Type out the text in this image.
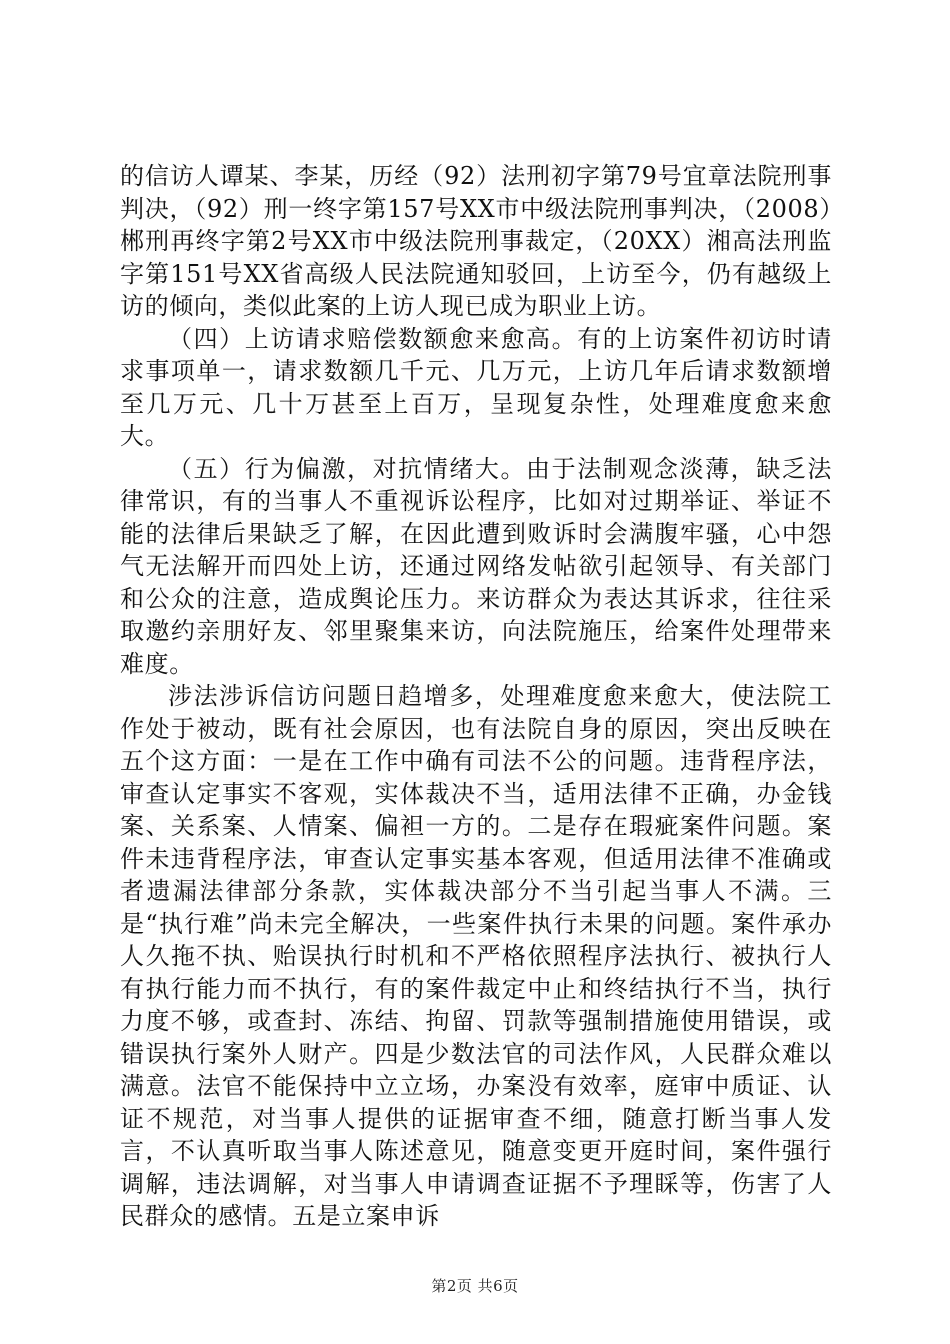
的信访人谭某、李某，历经（92）法刑初字第79号宜章法院刑事判决，（92）刑一终字第157号XX市中级法院刑事判决，（2008）郴刑再终字第2号XX市中级法院刑事裁定，（20XX）湘高法刑监字第151号XX省高级人民法院通知驳回，上访至今，仍有越级上访的倾向，类似此案的上访人现已成为职业上访。

（四）上访请求赔偿数额愈来愈高。有的上访案件初访时请求事项单一，请求数额几千元、几万元，上访几年后请求数额增至几万元、几十万甚至上百万，呈现复杂性，处理难度愈来愈大。

（五）行为偏激，对抗情绪大。由于法制观念淡薄，缺乏法律常识，有的当事人不重视诉讼程序，比如对过期举证、举证不能的法律后果缺乏了解，在因此遭到败诉时会满腹牢骚，心中怨气无法解开而四处上访，还通过网络发帖欲引起领导、有关部门和公众的注意，造成舆论压力。来访群众为表达其诉求，往往采取邀约亲朋好友、邻里聚集来访，向法院施压，给案件处理带来难度。

涉法涉诉信访问题日趋增多，处理难度愈来愈大，使法院工作处于被动，既有社会原因，也有法院自身的原因，突出反映在五个这方面：一是在工作中确有司法不公的问题。违背程序法，审查认定事实不客观，实体裁决不当，适用法律不正确，办金钱案、关系案、人情案、偏袒一方的。二是存在瑕疵案件问题。案件未违背程序法，审查认定事实基本客观，但适用法律不准确或者遗漏法律部分条款，实体裁决部分不当引起当事人不满。三是“执行难”尚未完全解决，一些案件执行未果的问题。案件承办人久拖不执、贻误执行时机和不严格依照程序法执行、被执行人有执行能力而不执行，有的案件裁定中止和终结执行不当，执行力度不够，或查封、冻结、拘留、罚款等强制措施使用错误，或错误执行案外人财产。四是少数法官的司法作风，人民群众难以满意。法官不能保持中立立场，办案没有效率，庭审中质证、认证不规范，对当事人提供的证据审查不细，随意打断当事人发言，不认真听取当事人陈述意见，随意变更开庭时间，案件强行调解，违法调解，对当事人申请调查证据不予理睬等，伤害了人民群众的感情。五是立案申诉

第2页 共6页
